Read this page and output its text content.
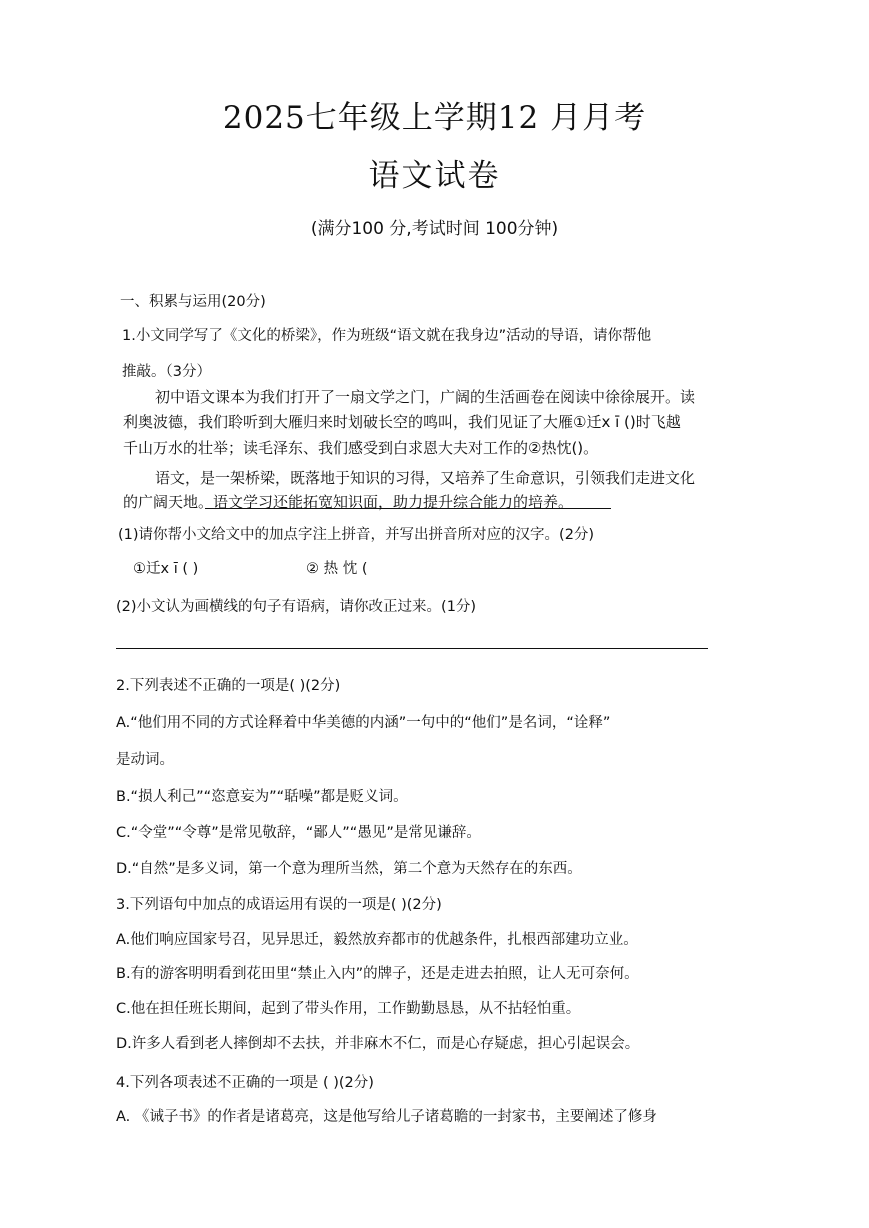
2025七年级上学期12 月月考
语文试卷
(满分100 分,考试时间 100分钟)
一、积累与运用(20分)
1.小文同学写了《文化的桥梁》，作为班级“语文就在我身边”活动的导语，请你帮他
推敲。（3分）
初中语文课本为我们打开了一扇文学之门，广阔的生活画卷在阅读中徐徐展开。读
利奥波德，我们聆听到大雁归来时划破长空的鸣叫，我们见证了大雁①迁x ī ()时飞越
千山万水的壮举；读毛泽东、我们感受到白求恩大夫对工作的②热忱()。
语文，是一架桥梁，既落地于知识的习得，又培养了生命意识，引领我们走进文化
的广阔天地。语文学习还能拓宽知识面，助力提升综合能力的培养。
(1)请你帮小文给文中的加点字注上拼音，并写出拼音所对应的汉字。(2分)
①迁x ī ( )	② 热 忱 (
(2)小文认为画横线的句子有语病，请你改正过来。(1分)
2.下列表述不正确的一项是( )(2分)
A.“他们用不同的方式诠释着中华美德的内涵”一句中的“他们”是名词，“诠释”
是动词。
B.“损人利己”“恣意妄为”“聒噪”都是贬义词。
C.“令堂”“令尊”是常见敬辞，“鄙人”“愚见”是常见谦辞。
D.“自然”是多义词，第一个意为理所当然，第二个意为天然存在的东西。
3.下列语句中加点的成语运用有误的一项是( )(2分)
A.他们响应国家号召，见异思迁，毅然放弃都市的优越条件，扎根西部建功立业。
B.有的游客明明看到花田里“禁止入内”的牌子，还是走进去拍照，让人无可奈何。
C.他在担任班长期间，起到了带头作用，工作勤勤恳恳，从不拈轻怕重。
D.许多人看到老人摔倒却不去扶，并非麻木不仁，而是心存疑虑，担心引起误会。
4.下列各项表述不正确的一项是 ( )(2分)
A. 《诫子书》的作者是诸葛亮，这是他写给儿子诸葛瞻的一封家书，主要阐述了修身
